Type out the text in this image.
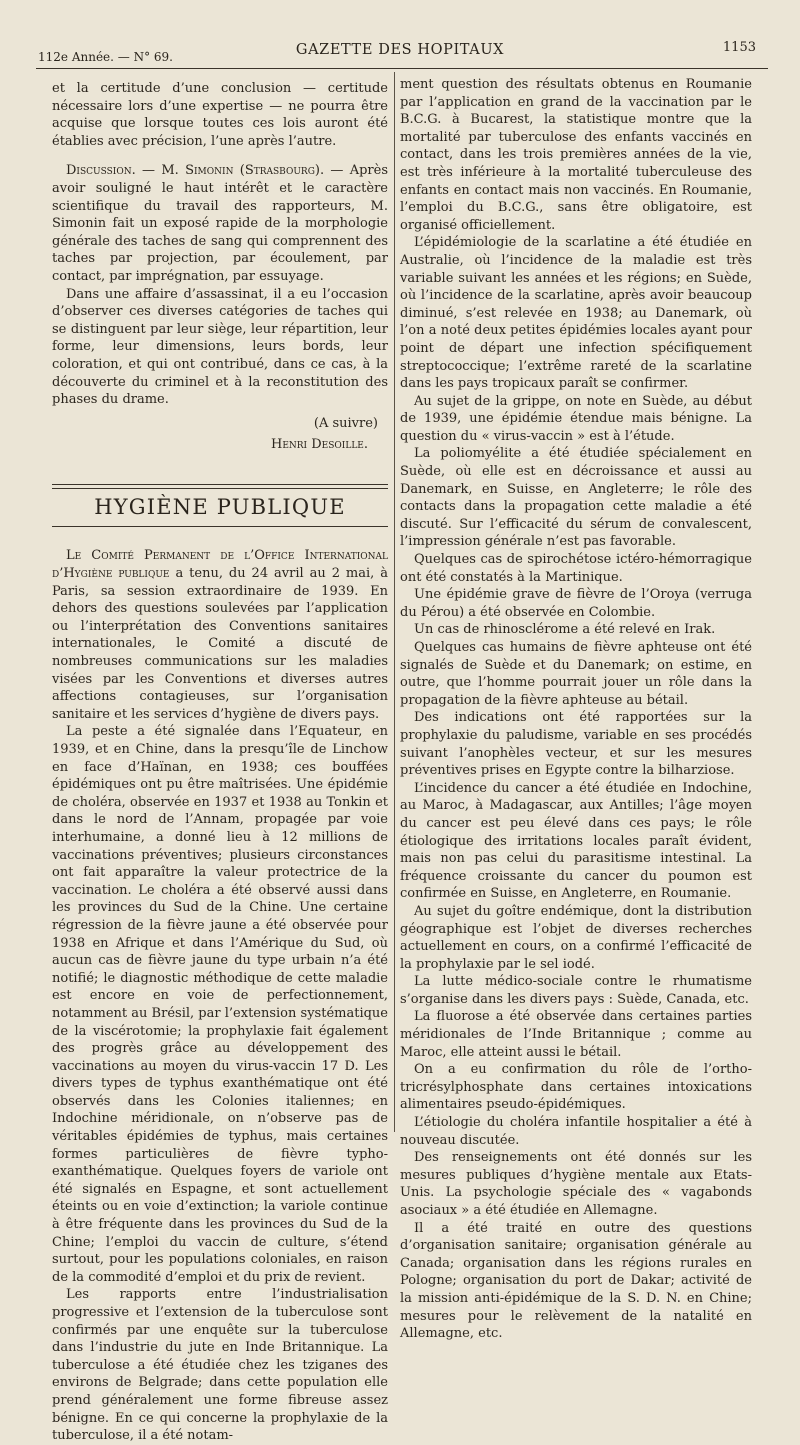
112e Année. — N° 69.	GAZETTE DES HOPITAUX	1153

et la certitude d’une conclusion — certitude nécessaire lors d’une expertise — ne pourra être acquise que lorsque toutes ces lois auront été établies avec précision, l’une après l’autre.

Discussion. — M. Simonin (Strasbourg). — Après avoir souligné le haut intérêt et le caractère scientifique du travail des rapporteurs, M. Simonin fait un exposé rapide de la morphologie générale des taches de sang qui comprennent des taches par projection, par écoulement, par contact, par imprégnation, par essuyage.

Dans une affaire d’assassinat, il a eu l’occasion d’observer ces diverses catégories de taches qui se distinguent par leur siège, leur répartition, leur forme, leur dimensions, leurs bords, leur coloration, et qui ont contribué, dans ce cas, à la découverte du criminel et à la reconstitution des phases du drame.

(A suivre)
Henri Desoille.
HYGIÈNE PUBLIQUE

Le Comité Permanent de l’Office International d’Hygiène publique a tenu, du 24 avril au 2 mai, à Paris, sa session extraordinaire de 1939. En dehors des questions soulevées par l’application ou l’interprétation des Conventions sanitaires internationales, le Comité a discuté de nombreuses communications sur les maladies visées par les Conventions et diverses autres affections contagieuses, sur l’organisation sanitaire et les services d’hygiène de divers pays.

La peste a été signalée dans l’Equateur, en 1939, et en Chine, dans la presqu’île de Linchow en face d’Haïnan, en 1938; ces bouffées épidémiques ont pu être maîtrisées. Une épidémie de choléra, observée en 1937 et 1938 au Tonkin et dans le nord de l’Annam, propagée par voie interhumaine, a donné lieu à 12 millions de vaccinations préventives; plusieurs circonstances ont fait apparaître la valeur protectrice de la vaccination. Le choléra a été observé aussi dans les provinces du Sud de la Chine. Une certaine régression de la fièvre jaune a été observée pour 1938 en Afrique et dans l’Amérique du Sud, où aucun cas de fièvre jaune du type urbain n’a été notifié; le diagnostic méthodique de cette maladie est encore en voie de perfectionnement, notamment au Brésil, par l’extension systématique de la viscérotomie; la prophylaxie fait également des progrès grâce au développement des vaccinations au moyen du virus-vaccin 17 D. Les divers types de typhus exanthématique ont été observés dans les Colonies italiennes; en Indochine méridionale, on n’observe pas de véritables épidémies de typhus, mais certaines formes particulières de fièvre typho-exanthématique. Quelques foyers de variole ont été signalés en Espagne, et sont actuellement éteints ou en voie d’extinction; la variole continue à être fréquente dans les provinces du Sud de la Chine; l’emploi du vaccin de culture, s’étend surtout, pour les populations coloniales, en raison de la commodité d’emploi et du prix de revient.

Les rapports entre l’industrialisation progressive et l’extension de la tuberculose sont confirmés par une enquête sur la tuberculose dans l’industrie du jute en Inde Britannique. La tuberculose a été étudiée chez les tziganes des environs de Belgrade; dans cette population elle prend généralement une forme fibreuse assez bénigne. En ce qui concerne la prophylaxie de la tuberculose, il a été notam-

ment question des résultats obtenus en Roumanie par l’application en grand de la vaccination par le B.C.G. à Bucarest, la statistique montre que la mortalité par tuberculose des enfants vaccinés en contact, dans les trois premières années de la vie, est très inférieure à la mortalité tuberculeuse des enfants en contact mais non vaccinés. En Roumanie, l’emploi du B.C.G., sans être obligatoire, est organisé officiellement.

L’épidémiologie de la scarlatine a été étudiée en Australie, où l’incidence de la maladie est très variable suivant les années et les régions; en Suède, où l’incidence de la scarlatine, après avoir beaucoup diminué, s’est relevée en 1938; au Danemark, où l’on a noté deux petites épidémies locales ayant pour point de départ une infection spécifiquement streptococcique; l’extrême rareté de la scarlatine dans les pays tropicaux paraît se confirmer.

Au sujet de la grippe, on note en Suède, au début de 1939, une épidémie étendue mais bénigne. La question du « virus-vaccin » est à l’étude.

La poliomyélite a été étudiée spécialement en Suède, où elle est en décroissance et aussi au Danemark, en Suisse, en Angleterre; le rôle des contacts dans la propagation cette maladie a été discuté. Sur l’efficacité du sérum de convalescent, l’impression générale n’est pas favorable.

Quelques cas de spirochétose ictéro-hémorragique ont été constatés à la Martinique.

Une épidémie grave de fièvre de l’Oroya (verruga du Pérou) a été observée en Colombie.

Un cas de rhinosclérome a été relevé en Irak.

Quelques cas humains de fièvre aphteuse ont été signalés de Suède et du Danemark; on estime, en outre, que l’homme pourrait jouer un rôle dans la propagation de la fièvre aphteuse au bétail.

Des indications ont été rapportées sur la prophylaxie du paludisme, variable en ses procédés suivant l’anophèles vecteur, et sur les mesures préventives prises en Egypte contre la bilharziose.

L’incidence du cancer a été étudiée en Indochine, au Maroc, à Madagascar, aux Antilles; l’âge moyen du cancer est peu élevé dans ces pays; le rôle étiologique des irritations locales paraît évident, mais non pas celui du parasitisme intestinal. La fréquence croissante du cancer du poumon est confirmée en Suisse, en Angleterre, en Roumanie.

Au sujet du goître endémique, dont la distribution géographique est l’objet de diverses recherches actuellement en cours, on a confirmé l’efficacité de la prophylaxie par le sel iodé.

La lutte médico-sociale contre le rhumatisme s’organise dans les divers pays : Suède, Canada, etc.

La fluorose a été observée dans certaines parties méridionales de l’Inde Britannique ; comme au Maroc, elle atteint aussi le bétail.

On a eu confirmation du rôle de l’ortho-tricrésylphosphate dans certaines intoxications alimentaires pseudo-épidémiques.

L’étiologie du choléra infantile hospitalier a été à nouveau discutée.

Des renseignements ont été donnés sur les mesures publiques d’hygiène mentale aux Etats-Unis. La psychologie spéciale des « vagabonds asociaux » a été étudiée en Allemagne.

Il a été traité en outre des questions d’organisation sanitaire; organisation générale au Canada; organisation dans les régions rurales en Pologne; organisation du port de Dakar; activité de la mission anti-épidémique de la S. D. N. en Chine; mesures pour le relèvement de la natalité en Allemagne, etc.
